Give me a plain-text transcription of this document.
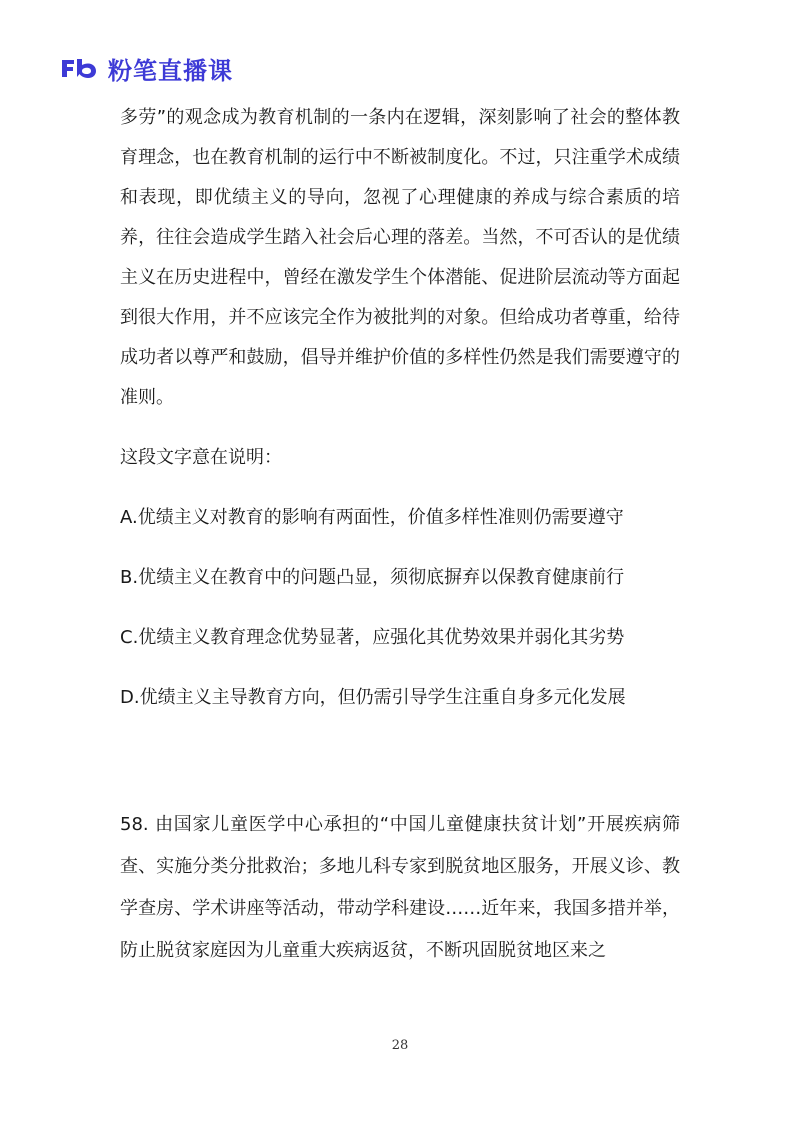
粉笔直播课

多劳”的观念成为教育机制的一条内在逻辑，深刻影响了社会的整体教育理念，也在教育机制的运行中不断被制度化。不过，只注重学术成绩和表现，即优绩主义的导向，忽视了心理健康的养成与综合素质的培养，往往会造成学生踏入社会后心理的落差。当然，不可否认的是优绩主义在历史进程中，曾经在激发学生个体潜能、促进阶层流动等方面起到很大作用，并不应该完全作为被批判的对象。但给成功者尊重，给待成功者以尊严和鼓励，倡导并维护价值的多样性仍然是我们需要遵守的准则。

这段文字意在说明：

A.优绩主义对教育的影响有两面性，价值多样性准则仍需要遵守

B.优绩主义在教育中的问题凸显，须彻底摒弃以保教育健康前行

C.优绩主义教育理念优势显著，应强化其优势效果并弱化其劣势

D.优绩主义主导教育方向，但仍需引导学生注重自身多元化发展

58. 由国家儿童医学中心承担的“中国儿童健康扶贫计划”开展疾病筛查、实施分类分批救治；多地儿科专家到脱贫地区服务，开展义诊、教学查房、学术讲座等活动，带动学科建设……近年来，我国多措并举，防止脱贫家庭因为儿童重大疾病返贫，不断巩固脱贫地区来之

28
